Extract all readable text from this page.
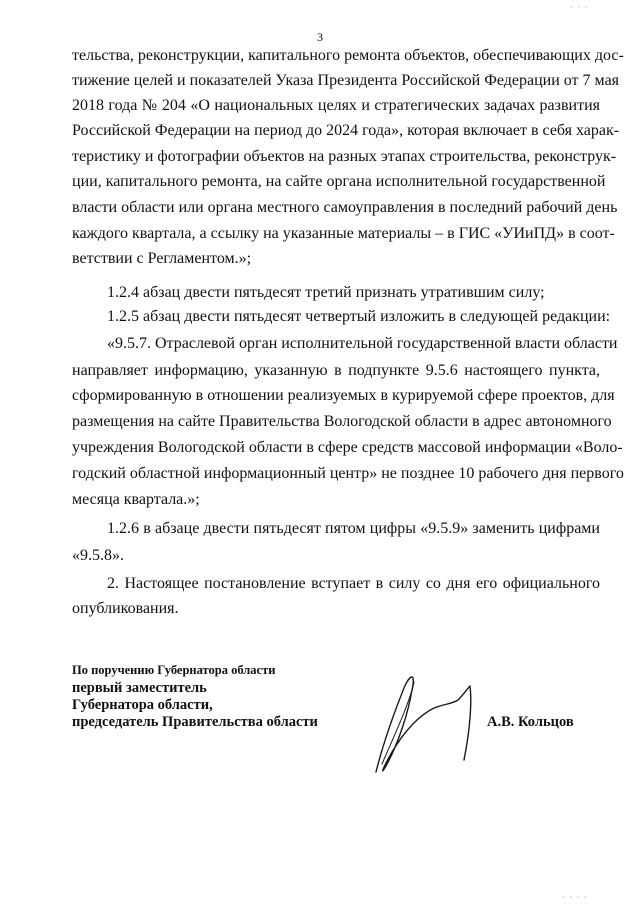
3
тельства, реконструкции, капитального ремонта объектов, обеспечивающих дос-
тижение целей и показателей Указа Президента Российской Федерации от 7 мая
2018 года № 204 «О национальных целях и стратегических задачах развития
Российской Федерации на период до 2024 года», которая включает в себя харак-
теристику и фотографии объектов на разных этапах строительства, реконструк-
ции, капитального ремонта, на сайте органа исполнительной государственной
власти области или органа местного самоуправления в последний рабочий день
каждого квартала, а ссылку на указанные материалы – в ГИС «УИиПД» в соот-
ветствии с Регламентом.»;
1.2.4 абзац двести пятьдесят третий признать утратившим силу;
1.2.5 абзац двести пятьдесят четвертый изложить в следующей редакции:
«9.5.7. Отраслевой орган исполнительной государственной власти области
направляет информацию, указанную в подпункте 9.5.6 настоящего пункта,
сформированную в отношении реализуемых в курируемой сфере проектов, для
размещения на сайте Правительства Вологодской области в адрес автономного
учреждения Вологодской области в сфере средств массовой информации «Воло-
годский областной информационный центр» не позднее 10 рабочего дня первого
месяца квартала.»;
1.2.6 в абзаце двести пятьдесят пятом цифры «9.5.9» заменить цифрами
«9.5.8».
2. Настоящее постановление вступает в силу со дня его официального
опубликования.
По поручению Губернатора области
первый заместитель
Губернатора области,
председатель Правительства области	А.В. Кольцов
· · ·
· · · ·
